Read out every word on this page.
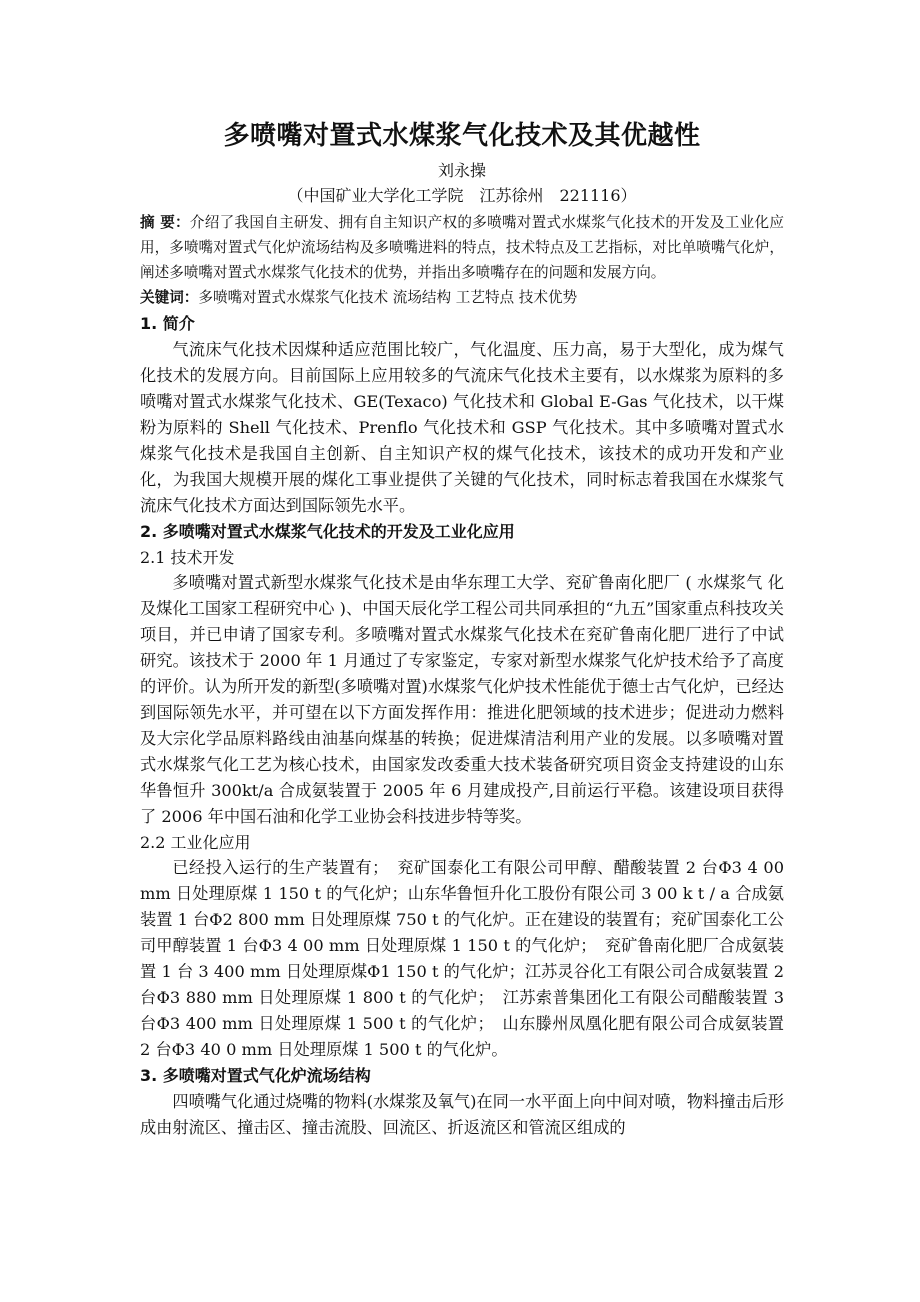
多喷嘴对置式水煤浆气化技术及其优越性
刘永操
（中国矿业大学化工学院　江苏徐州　221116）

摘 要：介绍了我国自主研发、拥有自主知识产权的多喷嘴对置式水煤浆气化技术的开发及工业化应用，多喷嘴对置式气化炉流场结构及多喷嘴进料的特点，技术特点及工艺指标，对比单喷嘴气化炉，阐述多喷嘴对置式水煤浆气化技术的优势，并指出多喷嘴存在的问题和发展方向。

关键词：多喷嘴对置式水煤浆气化技术 流场结构 工艺特点 技术优势

1. 简介

气流床气化技术因煤种适应范围比较广，气化温度、压力高，易于大型化，成为煤气化技术的发展方向。目前国际上应用较多的气流床气化技术主要有，以水煤浆为原料的多喷嘴对置式水煤浆气化技术、GE(Texaco) 气化技术和 Global E-Gas 气化技术，以干煤粉为原料的 Shell 气化技术、Prenflo 气化技术和 GSP 气化技术。其中多喷嘴对置式水煤浆气化技术是我国自主创新、自主知识产权的煤气化技术，该技术的成功开发和产业化，为我国大规模开展的煤化工事业提供了关键的气化技术，同时标志着我国在水煤浆气流床气化技术方面达到国际领先水平。

2. 多喷嘴对置式水煤浆气化技术的开发及工业化应用
2.1 技术开发

多喷嘴对置式新型水煤浆气化技术是由华东理工大学、兖矿鲁南化肥厂 ( 水煤浆气 化及煤化工国家工程研究中心 )、中国天辰化学工程公司共同承担的“九五”国家重点科技攻关项目，并已申请了国家专利。多喷嘴对置式水煤浆气化技术在兖矿鲁南化肥厂进行了中试研究。该技术于 2000 年 1 月通过了专家鉴定，专家对新型水煤浆气化炉技术给予了高度的评价。认为所开发的新型(多喷嘴对置)水煤浆气化炉技术性能优于德士古气化炉，已经达到国际领先水平，并可望在以下方面发挥作用：推进化肥领域的技术进步；促进动力燃料及大宗化学品原料路线由油基向煤基的转换；促进煤清洁利用产业的发展。以多喷嘴对置式水煤浆气化工艺为核心技术，由国家发改委重大技术装备研究项目资金支持建设的山东华鲁恒升 300kt/a 合成氨装置于 2005 年 6 月建成投产,目前运行平稳。该建设项目获得了 2006 年中国石油和化学工业协会科技进步特等奖。

2.2 工业化应用

已经投入运行的生产装置有；　兖矿国泰化工有限公司甲醇、醋酸装置 2 台Φ3 4 00 mm 日处理原煤 1 150 t 的气化炉；山东华鲁恒升化工股份有限公司 3 00 k t / a 合成氨装置 1 台Φ2 800 mm 日处理原煤 750 t 的气化炉。正在建设的装置有；兖矿国泰化工公司甲醇装置 1 台Φ3 4 00 mm 日处理原煤 1 150 t 的气化炉；　兖矿鲁南化肥厂合成氨装置 1 台 3 400 mm 日处理原煤Φ1 150 t 的气化炉；江苏灵谷化工有限公司合成氨装置 2 台Φ3 880 mm 日处理原煤 1 800 t 的气化炉；　江苏索普集团化工有限公司醋酸装置 3 台Φ3 400 mm 日处理原煤 1 500 t 的气化炉；　山东滕州凤凰化肥有限公司合成氨装置 2 台Φ3 40 0 mm 日处理原煤 1 500 t 的气化炉。

3. 多喷嘴对置式气化炉流场结构

四喷嘴气化通过烧嘴的物料(水煤浆及氧气)在同一水平面上向中间对喷，物料撞击后形成由射流区、撞击区、撞击流股、回流区、折返流区和管流区组成的
